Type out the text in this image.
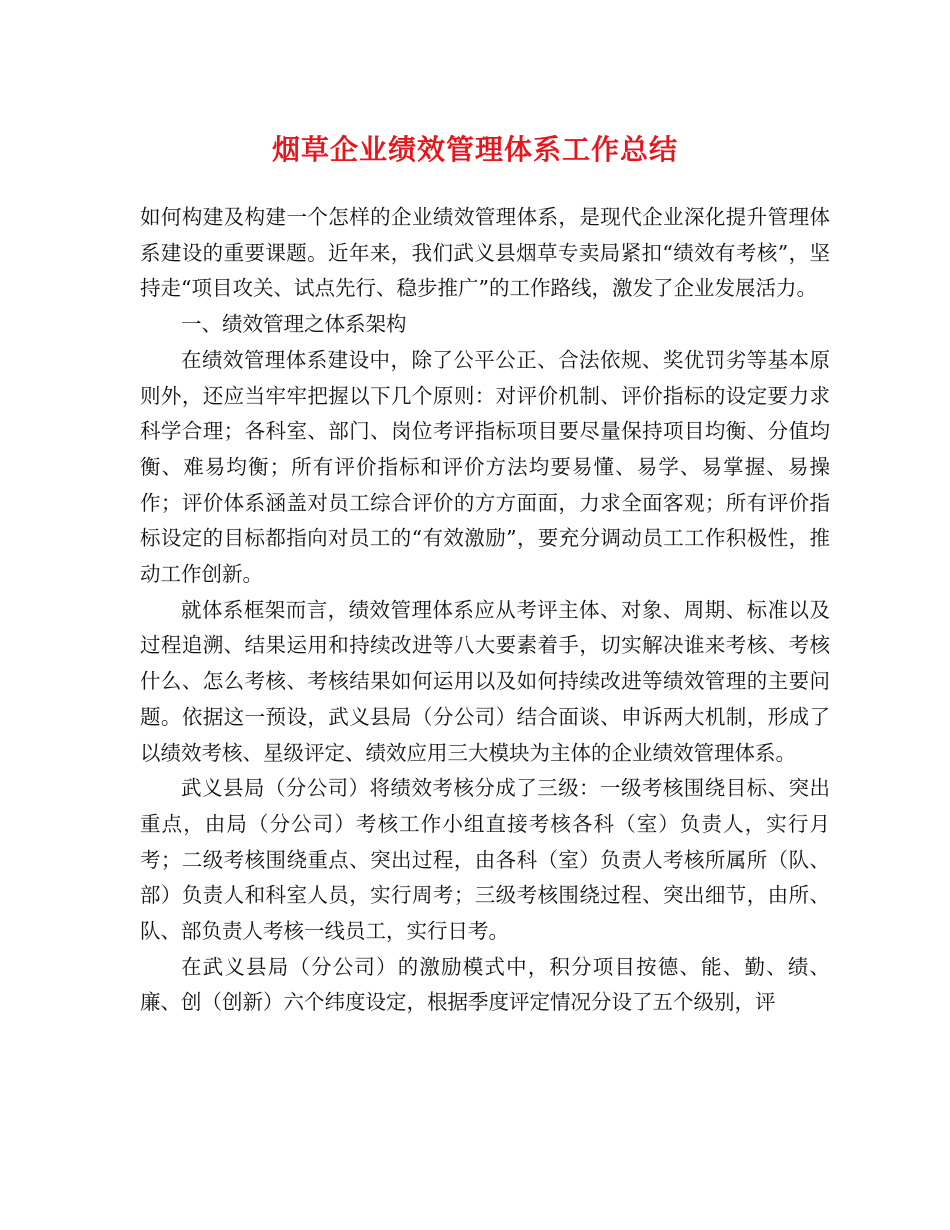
烟草企业绩效管理体系工作总结

如何构建及构建一个怎样的企业绩效管理体系，是现代企业深化提升管理体系建设的重要课题。近年来，我们武义县烟草专卖局紧扣“绩效有考核”，坚持走“项目攻关、试点先行、稳步推广”的工作路线，激发了企业发展活力。

一、绩效管理之体系架构

在绩效管理体系建设中，除了公平公正、合法依规、奖优罚劣等基本原则外，还应当牢牢把握以下几个原则：对评价机制、评价指标的设定要力求科学合理；各科室、部门、岗位考评指标项目要尽量保持项目均衡、分值均衡、难易均衡；所有评价指标和评价方法均要易懂、易学、易掌握、易操作；评价体系涵盖对员工综合评价的方方面面，力求全面客观；所有评价指标设定的目标都指向对员工的“有效激励”，要充分调动员工工作积极性，推动工作创新。

就体系框架而言，绩效管理体系应从考评主体、对象、周期、标准以及过程追溯、结果运用和持续改进等八大要素着手，切实解决谁来考核、考核什么、怎么考核、考核结果如何运用以及如何持续改进等绩效管理的主要问题。依据这一预设，武义县局（分公司）结合面谈、申诉两大机制，形成了以绩效考核、星级评定、绩效应用三大模块为主体的企业绩效管理体系。

武义县局（分公司）将绩效考核分成了三级：一级考核围绕目标、突出重点，由局（分公司）考核工作小组直接考核各科（室）负责人，实行月考；二级考核围绕重点、突出过程，由各科（室）负责人考核所属所（队、部）负责人和科室人员，实行周考；三级考核围绕过程、突出细节，由所、队、部负责人考核一线员工，实行日考。

在武义县局（分公司）的激励模式中，积分项目按德、能、勤、绩、廉、创（创新）六个纬度设定，根据季度评定情况分设了五个级别，评
